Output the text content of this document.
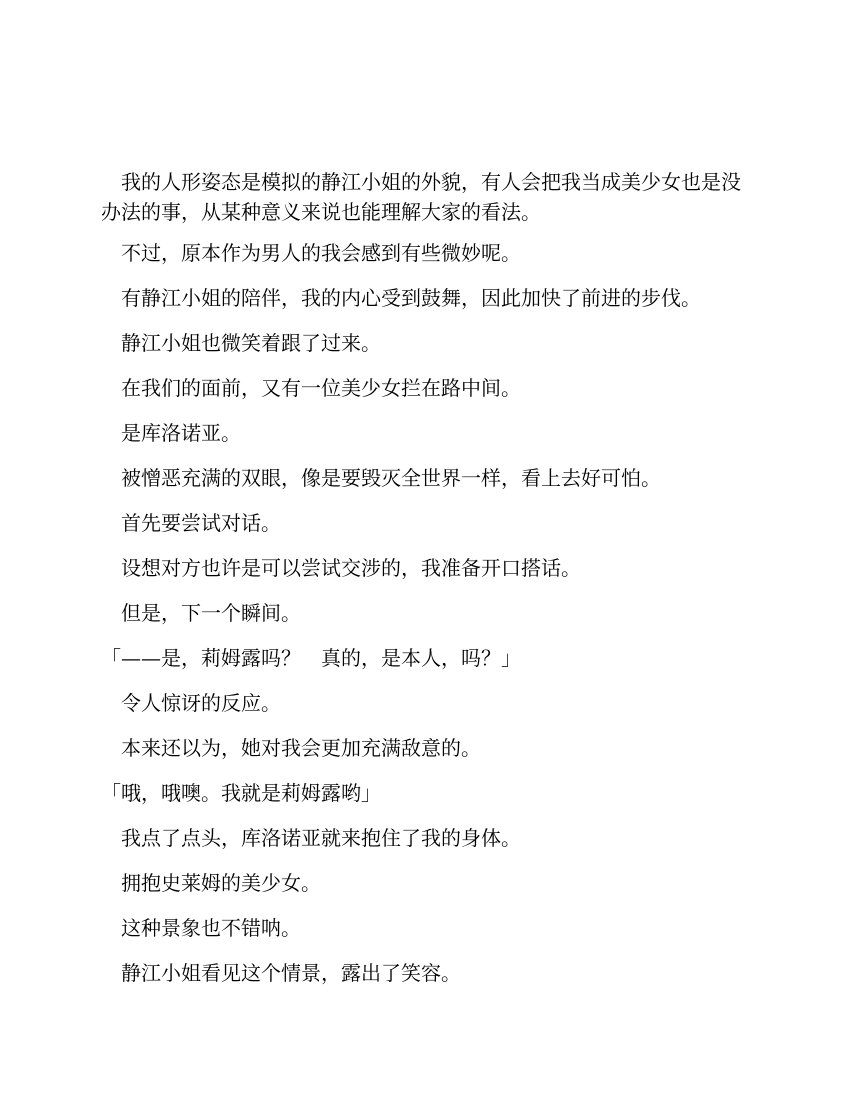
我的人形姿态是模拟的静江小姐的外貌，有人会把我当成美少女也是没办法的事，从某种意义来说也能理解大家的看法。

不过，原本作为男人的我会感到有些微妙呢。

有静江小姐的陪伴，我的内心受到鼓舞，因此加快了前进的步伐。

静江小姐也微笑着跟了过来。

在我们的面前，又有一位美少女拦在路中间。

是库洛诺亚。

被憎恶充满的双眼，像是要毁灭全世界一样，看上去好可怕。

首先要尝试对话。

设想对方也许是可以尝试交涉的，我准备开口搭话。

但是，下一个瞬间。

「——是，莉姆露吗？　真的，是本人，吗？」

令人惊讶的反应。

本来还以为，她对我会更加充满敌意的。

「哦，哦噢。我就是莉姆露哟」

我点了点头，库洛诺亚就来抱住了我的身体。

拥抱史莱姆的美少女。

这种景象也不错呐。

静江小姐看见这个情景，露出了笑容。
